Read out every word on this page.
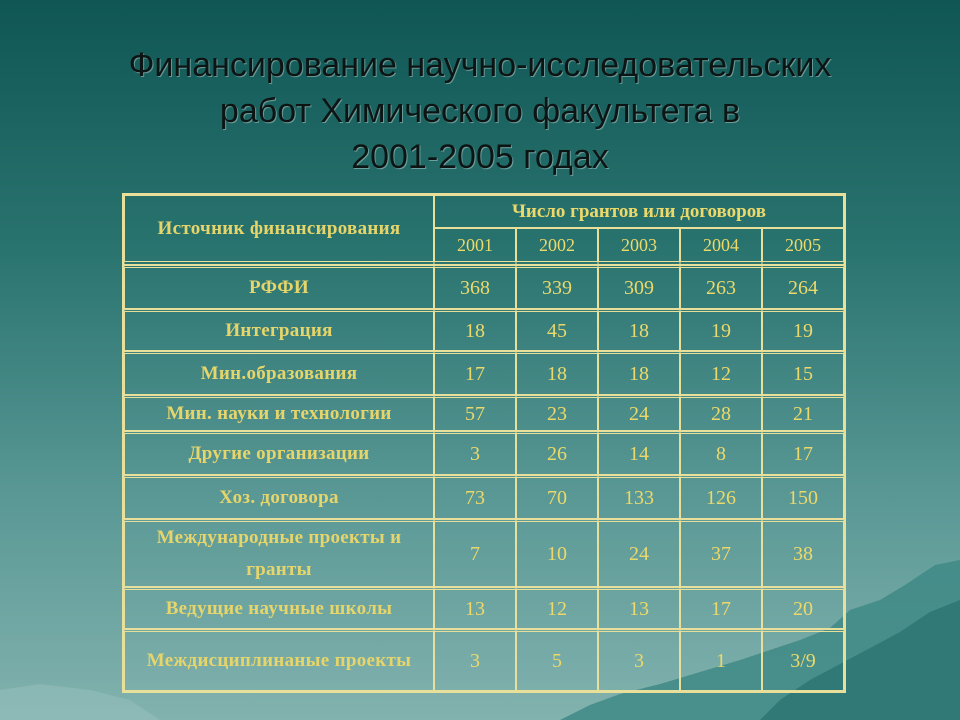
Финансирование научно-исследовательских
работ Химического факультета в
2001-2005 годах
Источник финансирования	Число грантов или договоров				
	2001	2002	2003	2004	2005
РФФИ	368	339	309	263	264
Интеграция	18	45	18	19	19
Мин.образования	17	18	18	12	15
Мин. науки и технологии	57	23	24	28	21
Другие организации	3	26	14	8	17
Хоз. договора	73	70	133	126	150
Международные проекты и гранты	7	10	24	37	38
Ведущие научные школы	13	12	13	17	20
Междисциплинаные проекты	3	5	3	1	3/9
